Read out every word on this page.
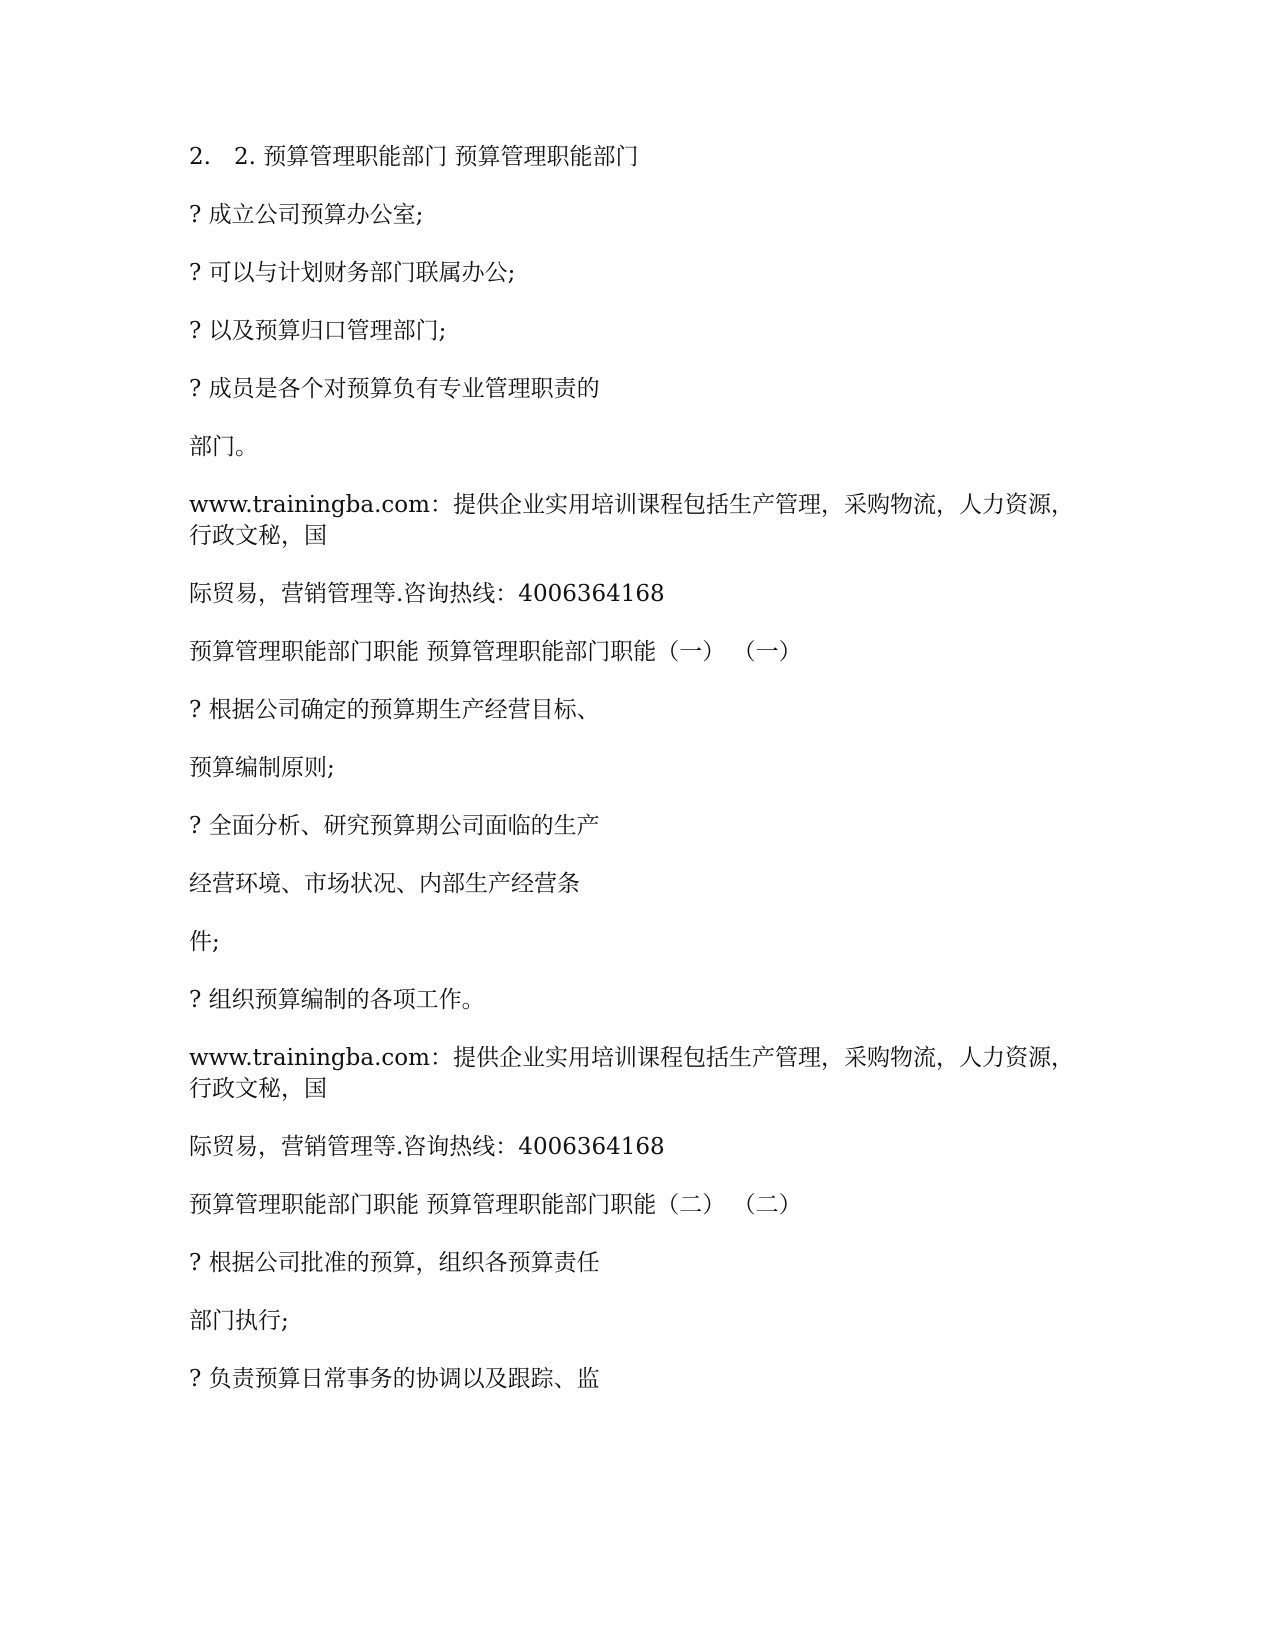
2.　2. 预算管理职能部门 预算管理职能部门
? 成立公司预算办公室;
? 可以与计划财务部门联属办公;
? 以及预算归口管理部门;
? 成员是各个对预算负有专业管理职责的
部门。
www.trainingba.com：提供企业实用培训课程包括生产管理，采购物流，人力资源，
行政文秘，国
际贸易，营销管理等.咨询热线：4006364168
预算管理职能部门职能 预算管理职能部门职能（一） （一）
? 根据公司确定的预算期生产经营目标、
预算编制原则;
? 全面分析、研究预算期公司面临的生产
经营环境、市场状况、内部生产经营条
件;
? 组织预算编制的各项工作。
www.trainingba.com：提供企业实用培训课程包括生产管理，采购物流，人力资源，
行政文秘，国
际贸易，营销管理等.咨询热线：4006364168
预算管理职能部门职能 预算管理职能部门职能（二） （二）
? 根据公司批准的预算，组织各预算责任
部门执行;
? 负责预算日常事务的协调以及跟踪、监
